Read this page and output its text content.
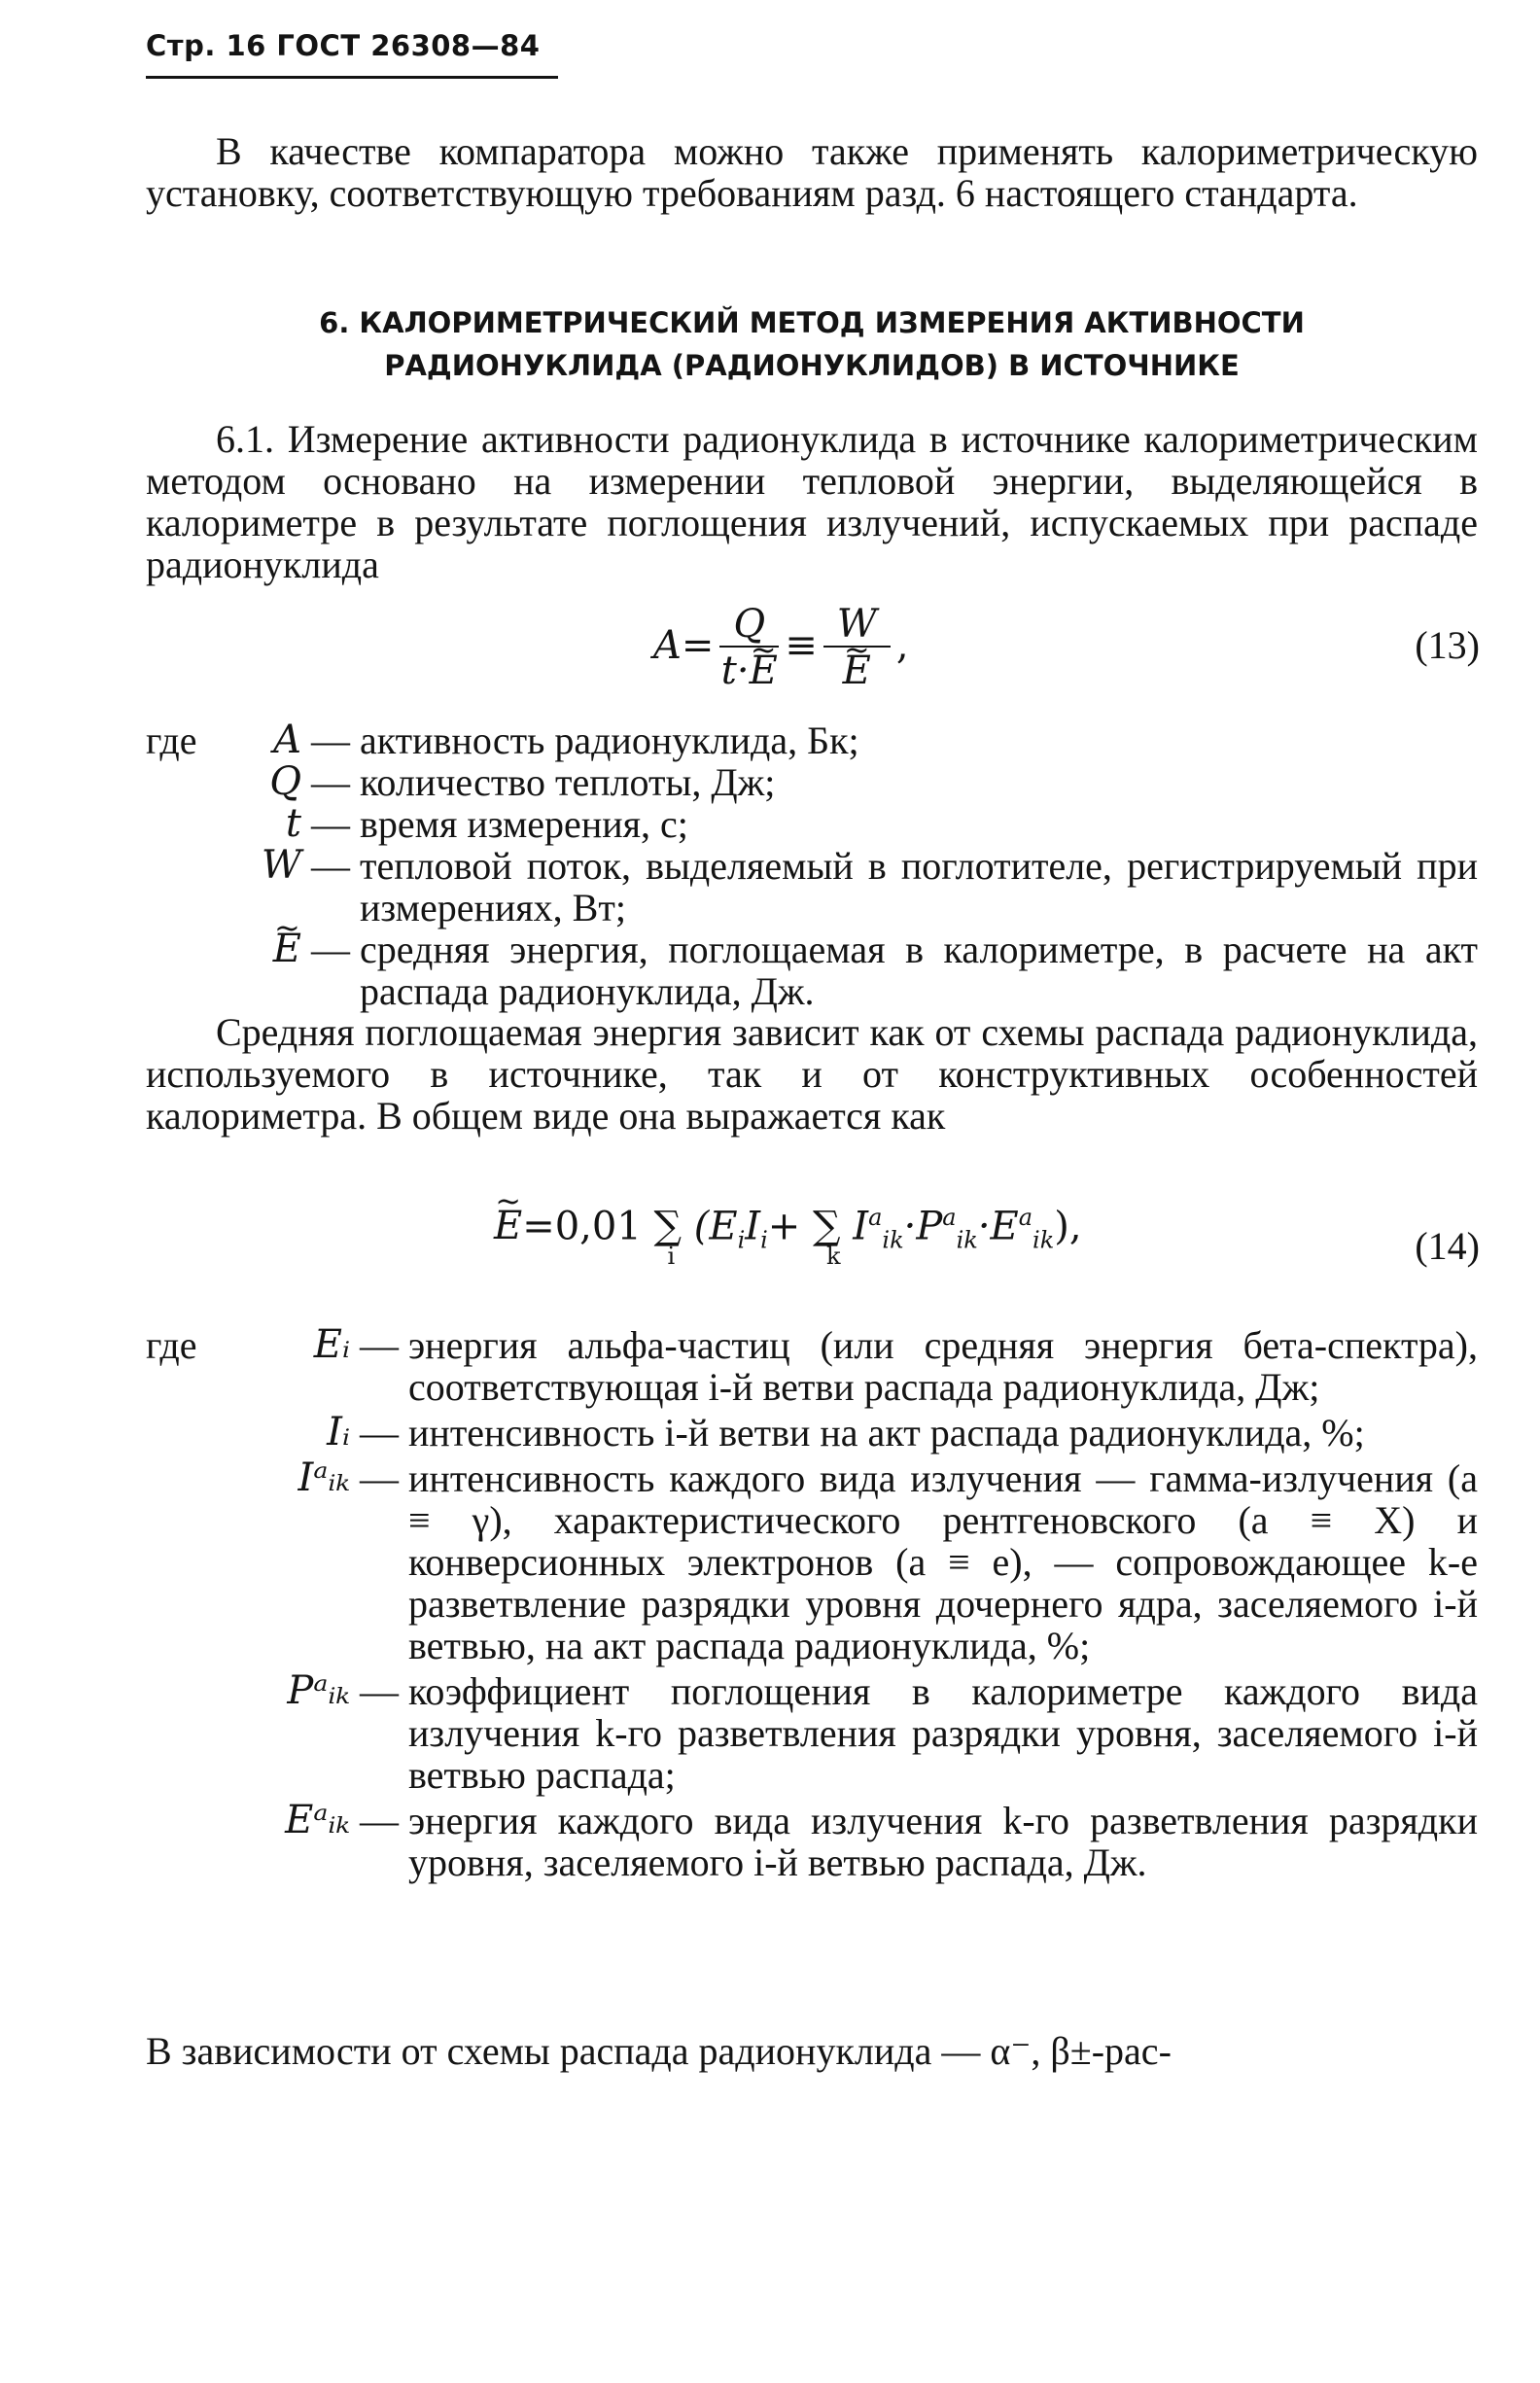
Стр. 16 ГОСТ 26308—84
В качестве компаратора можно также применять калориметрическую установку, соответствующую требованиям разд. 6 настоящего стандарта.
6. КАЛОРИМЕТРИЧЕСКИЙ МЕТОД ИЗМЕРЕНИЯ АКТИВНОСТИ
РАДИОНУКЛИДА (РАДИОНУКЛИДОВ) В ИСТОЧНИКЕ
6.1. Измерение активности радионуклида в источнике калориметрическим методом основано на измерении тепловой энергии, выделяющейся в калориметре в результате поглощения излучений, испускаемых при распаде радионуклида
$A= \frac{Q}{t\cdot\sim E} \equiv W$
~ E ,	(13)
где	A — активность радионуклида, Бк;
Q — количество теплоты, Дж;
t — время измерения, с;
W — тепловой поток, выделяемый в поглотителе, регистрируемый при измерениях, Вт;
~ E — средняя энергия, поглощаемая в калориметре, в расчете на акт распада радионуклида, Дж.
Средняя поглощаемая энергия зависит как от схемы распада радионуклида, используемого в источнике, так и от конструктивных особенностей калориметра. В общем виде она выражается как
~ E=0,01 ∑
i
($E_iI_i+$ ∑
k
$I^a_{ik}\cdot P^a_{ik}\cdot E^a_{ik}$),	(14)
где	Eᵢ — энергия альфа-частиц (или средняя энергия бета-спектра), соответствующая i-й ветви распада радионуклида, Дж;
Iᵢ — интенсивность i-й ветви на акт распада радионуклида, %;
Iᵃᵢₖ — интенсивность каждого вида излучения — гамма-излучения (a ≡ γ), характеристического рентгеновского (a ≡ X) и конверсионных электронов (a ≡ e), — сопровождающее k-е разветвление разрядки уровня дочернего ядра, заселяемого i-й ветвью, на акт распада радионуклида, %;
Pᵃᵢₖ — коэффициент поглощения в калориметре каждого вида излучения k-го разветвления разрядки уровня, заселяемого i-й ветвью распада;
Eᵃᵢₖ — энергия каждого вида излучения k-го разветвления разрядки уровня, заселяемого i-й ветвью распада, Дж.
В зависимости от схемы распада радионуклида — α⁻, β±-рас-
